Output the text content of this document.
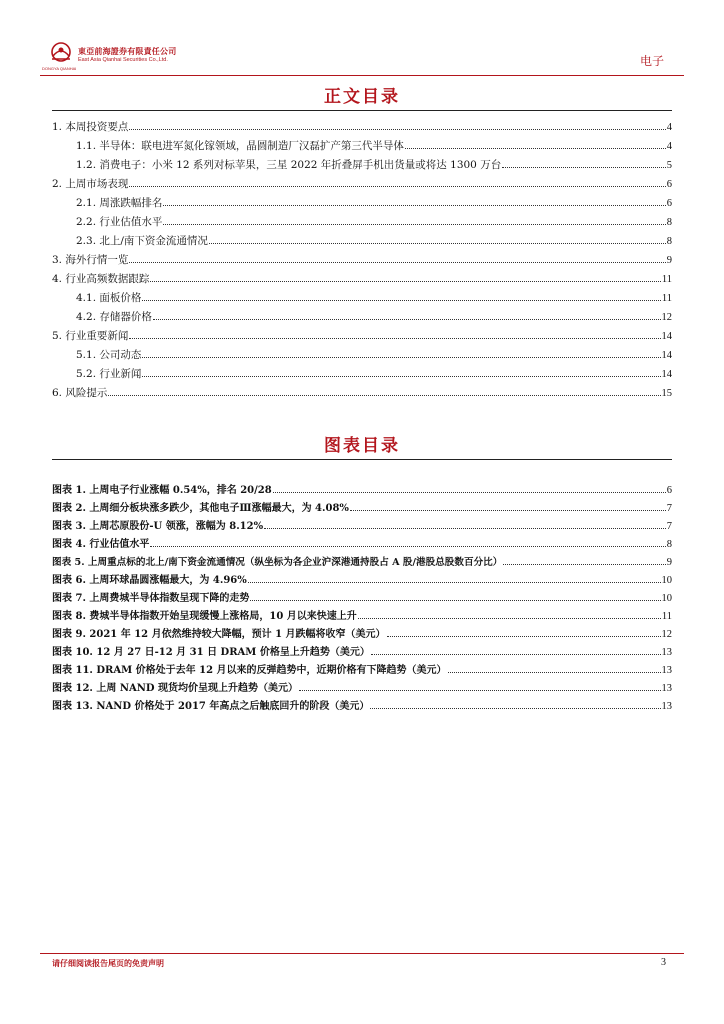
DONGYA QIANHAI
東亞前海證券有限責任公司
East Asia Qianhai Securities Co.,Ltd.	电子
正文目录
1. 本周投资要点	4
1.1. 半导体：联电进军氮化镓领域，晶圆制造厂汉磊扩产第三代半导体	4
1.2. 消费电子：小米 12 系列对标苹果，三星 2022 年折叠屏手机出货量或将达 1300 万台	5
2. 上周市场表现	6
2.1. 周涨跌幅排名	6
2.2. 行业估值水平	8
2.3. 北上/南下资金流通情况	8
3. 海外行情一览	9
4. 行业高频数据跟踪	11
4.1. 面板价格	11
4.2. 存储器价格	12
5. 行业重要新闻	14
5.1. 公司动态	14
5.2. 行业新闻	14
6. 风险提示	15
图表目录
图表 1. 上周电子行业涨幅 0.54%，排名 20/28	6
图表 2. 上周细分板块涨多跌少，其他电子Ⅲ涨幅最大，为 4.08%	7
图表 3. 上周芯原股份-U 领涨，涨幅为 8.12%	7
图表 4. 行业估值水平	8
图表 5. 上周重点标的北上/南下资金流通情况（纵坐标为各企业沪深港通持股占 A 股/港股总股数百分比）	9
图表 6. 上周环球晶圆涨幅最大，为 4.96%	10
图表 7. 上周费城半导体指数呈现下降的走势	10
图表 8. 费城半导体指数开始呈现缓慢上涨格局，10 月以来快速上升	11
图表 9. 2021 年 12 月依然维持较大降幅，预计 1 月跌幅将收窄（美元）	12
图表 10. 12 月 27 日-12 月 31 日 DRAM 价格呈上升趋势（美元）	13
图表 11. DRAM 价格处于去年 12 月以来的反弹趋势中，近期价格有下降趋势（美元）	13
图表 12. 上周 NAND 现货均价呈现上升趋势（美元）	13
图表 13. NAND 价格处于 2017 年高点之后触底回升的阶段（美元）	13
请仔细阅读报告尾页的免责声明	3
